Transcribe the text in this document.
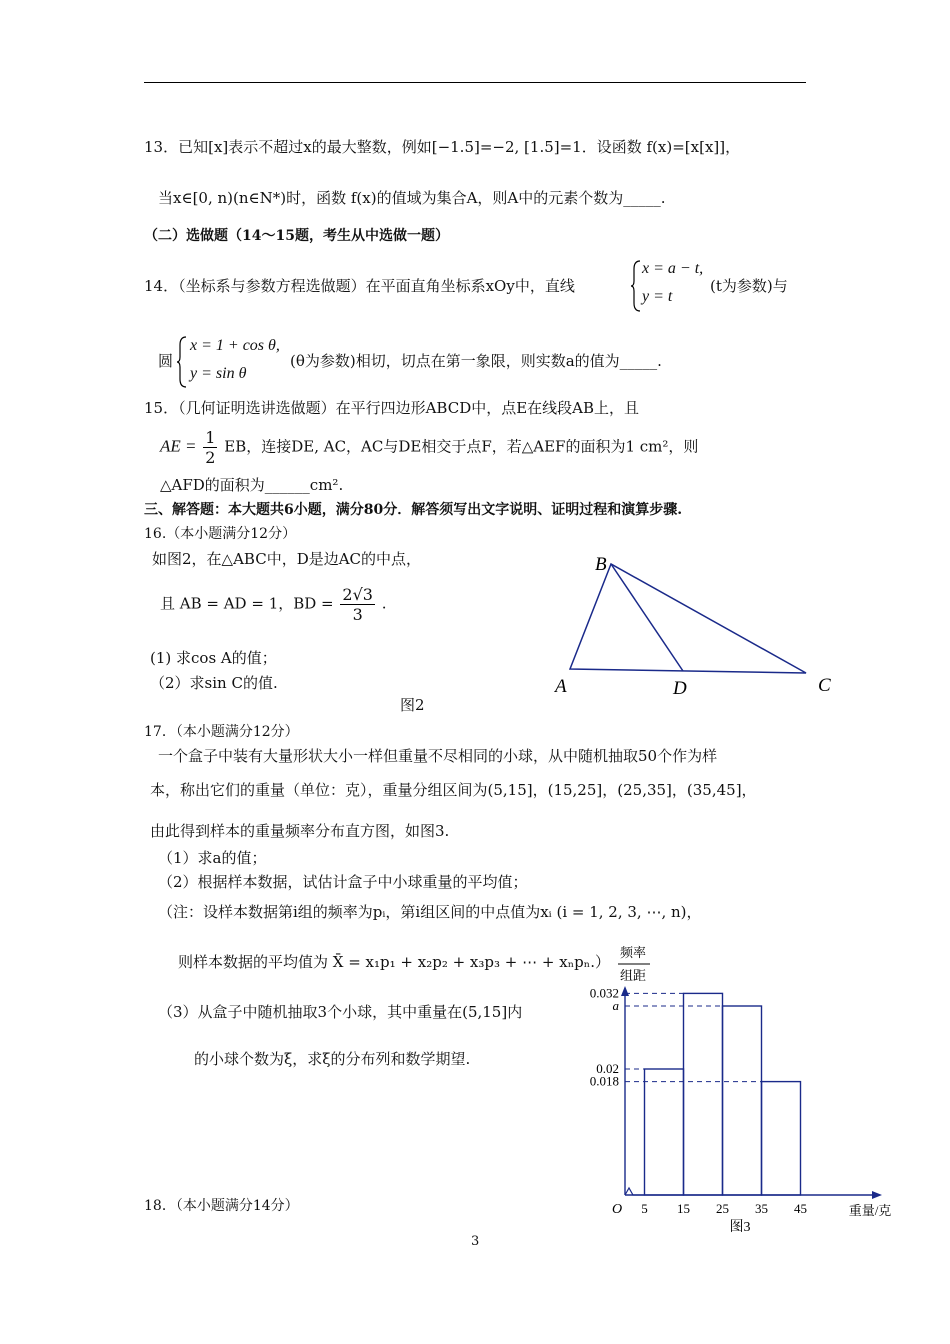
13．已知[x]表示不超过x的最大整数，例如[−1.5]=−2, [1.5]=1．设函数 f(x)=[x[x]]，
当x∈[0, n)(n∈N*)时，函数 f(x)的值域为集合A，则A中的元素个数为_____.
（二）选做题（14～15题，考生从中选做一题）
14．（坐标系与参数方程选做题）在平面直角坐标系xOy中，直线
x = a − t,
y = t
(t为参数)与
圆
x = 1 + cos θ,
y = sin θ
(θ为参数)相切，切点在第一象限，则实数a的值为_____.
15．（几何证明选讲选做题）在平行四边形ABCD中，点E在线段AB上，且
AE = $\frac{1}{2}$ EB，连接DE, AC，AC与DE相交于点F，若△AEF的面积为1 cm²，则
△AFD的面积为______cm².
三、解答题：本大题共6小题，满分80分．解答须写出文字说明、证明过程和演算步骤.
16.（本小题满分12分）
如图2，在△ABC中，D是边AC的中点，
且 AB = AD = 1，BD = $\frac{2√3}{3}$ .
(1) 求cos A的值；
（2）求sin C的值.
图2
B
A	D	C
17．（本小题满分12分）
一个盒子中装有大量形状大小一样但重量不尽相同的小球，从中随机抽取50个作为样
本，称出它们的重量（单位：克），重量分组区间为(5,15]，(15,25]，(25,35]，(35,45]，
由此得到样本的重量频率分布直方图，如图3.
（1）求a的值；
（2）根据样本数据，试估计盒子中小球重量的平均值；
（注：设样本数据第i组的频率为pᵢ，第i组区间的中点值为xᵢ (i = 1, 2, 3, ⋯, n)，
则样本数据的平均值为 X̄ = x₁p₁ + x₂p₂ + x₃p₃ + ⋯ + xₙpₙ.）
（3）从盒子中随机抽取3个小球，其中重量在(5,15]内
的小球个数为ξ，求ξ的分布列和数学期望.
18．（本小题满分14分）
频率
组距
O
0.032
a
0.02
0.018
5 15 25 35 45	重量/克
图3
3
